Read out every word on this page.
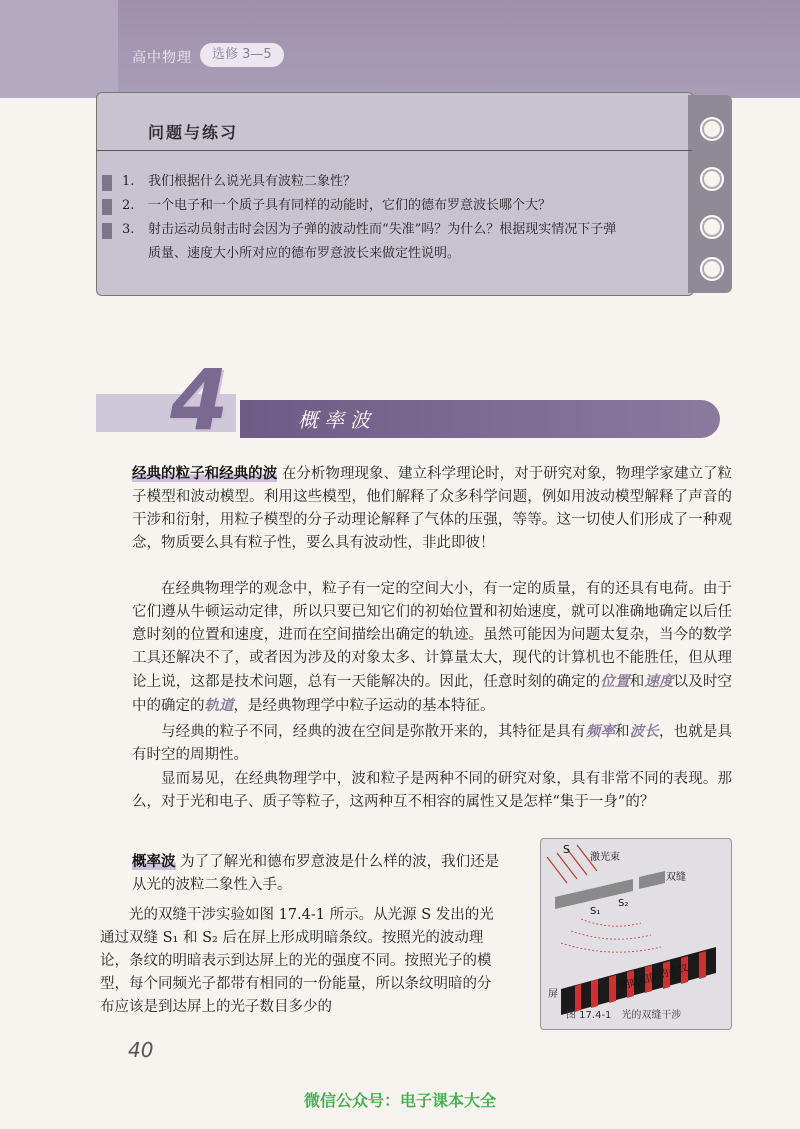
高中物理	选修 3—5
问题与练习
1. 我们根据什么说光具有波粒二象性？
2. 一个电子和一个质子具有同样的动能时，它们的德布罗意波长哪个大？
3. 射击运动员射击时会因为子弹的波动性而“失准”吗？为什么？根据现实情况下子弹
质量、速度大小所对应的德布罗意波长来做定性说明。
4	概率波
经典的粒子和经典的波 在分析物理现象、建立科学理论时，对于研究对象，物理学家建立了粒子模型和波动模型。利用这些模型，他们解释了众多科学问题，例如用波动模型解释了声音的干涉和衍射，用粒子模型的分子动理论解释了气体的压强，等等。这一切使人们形成了一种观念，物质要么具有粒子性，要么具有波动性，非此即彼！
在经典物理学的观念中，粒子有一定的空间大小，有一定的质量，有的还具有电荷。由于它们遵从牛顿运动定律，所以只要已知它们的初始位置和初始速度，就可以准确地确定以后任意时刻的位置和速度，进而在空间描绘出确定的轨迹。虽然可能因为问题太复杂，当今的数学工具还解决不了，或者因为涉及的对象太多、计算量太大，现代的计算机也不能胜任，但从理论上说，这都是技术问题，总有一天能解决的。因此，任意时刻的确定的位置和速度以及时空中的确定的轨道，是经典物理学中粒子运动的基本特征。
与经典的粒子不同，经典的波在空间是弥散开来的，其特征是具有频率和波长，也就是具有时空的周期性。
显而易见，在经典物理学中，波和粒子是两种不同的研究对象，具有非常不同的表现。那么，对于光和电子、质子等粒子，这两种互不相容的属性又是怎样“集于一身”的？
概率波 为了了解光和德布罗意波是什么样的波，我们还是从光的波粒二象性入手。
光的双缝干涉实验如图 17.4-1 所示。从光源 S 发出的光通过双缝 S₁ 和 S₂ 后在屏上形成明暗条纹。按照光的波动理论，条纹的明暗表示到达屏上的光的强度不同。按照光子的模型，每个同频光子都带有相同的一份能量，所以条纹明暗的分布应该是到达屏上的光子数目多少的
S
激光束
双缝
S₁
S₂
屏
明暗相间的条纹
图 17.4-1　光的双缝干涉
40
微信公众号：电子课本大全
